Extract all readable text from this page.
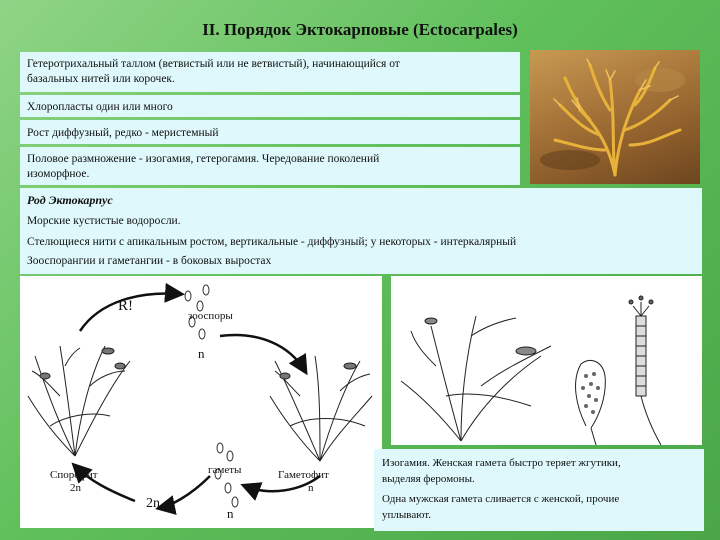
II. Порядок Эктокарповые (Ectocarpales)
Гетеротрихальный таллом (ветвистый или не ветвистый), начинающийся от
базальных нитей или корочек.
Хлоропласты один или много
Рост диффузный, редко - меристемный
Половое размножение - изогамия, гетерогамия. Чередование поколений
изоморфное.
Род Эктокарпус
Морские кустистые водоросли.
Стелющиеся нити с апикальным ростом, вертикальные - диффузный; у некоторых - интеркалярный
Зооспорангии и гаметангии - в боковых выростах
R!
зооспоры
n
Спорофит
2n
гаметы	Гаметофит
n
2n
n
Изогамия. Женская гамета быстро теряет жгутики,
выделяя феромоны.
Одна мужская гамета сливается с женской, прочие
уплывают.
